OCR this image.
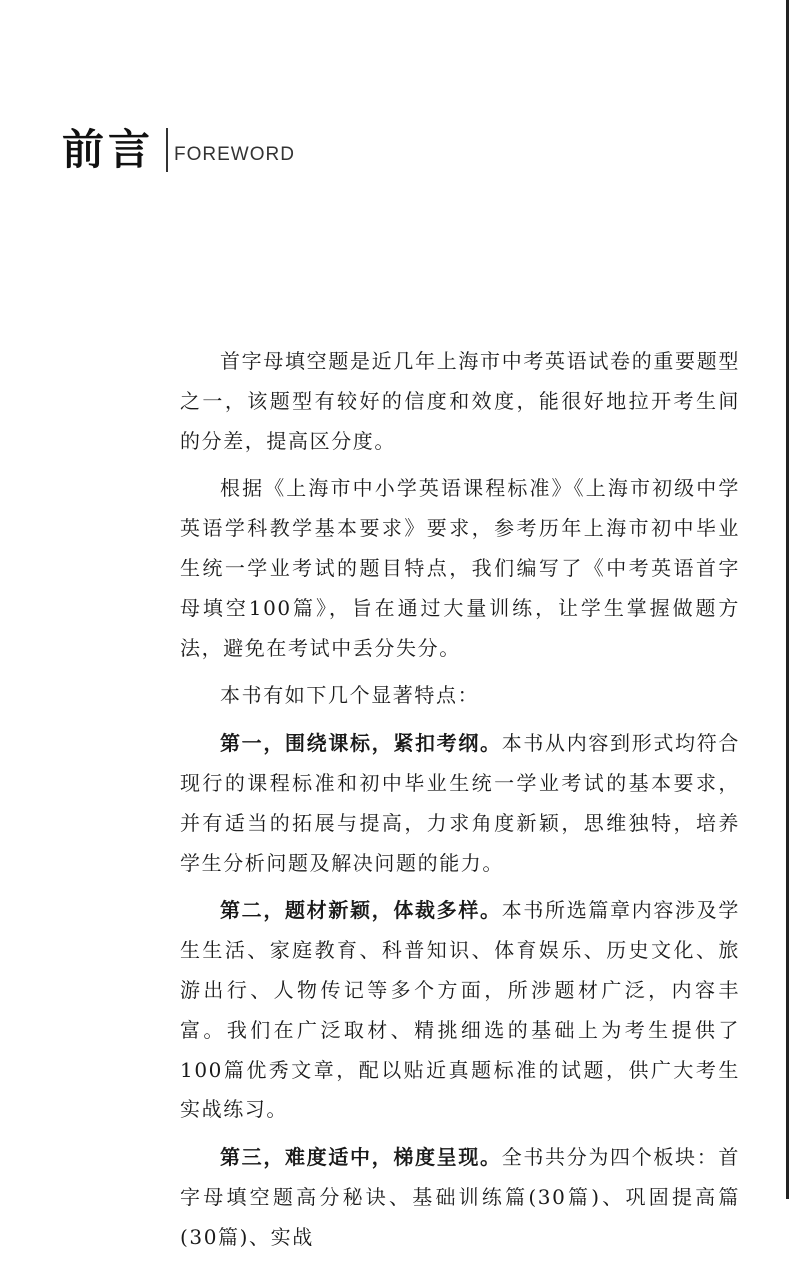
前言 FOREWORD

首字母填空题是近几年上海市中考英语试卷的重要题型之一，该题型有较好的信度和效度，能很好地拉开考生间的分差，提高区分度。

根据《上海市中小学英语课程标准》《上海市初级中学英语学科教学基本要求》要求，参考历年上海市初中毕业生统一学业考试的题目特点，我们编写了《中考英语首字母填空100篇》，旨在通过大量训练，让学生掌握做题方法，避免在考试中丢分失分。

本书有如下几个显著特点：

第一，围绕课标，紧扣考纲。本书从内容到形式均符合现行的课程标准和初中毕业生统一学业考试的基本要求，并有适当的拓展与提高，力求角度新颖，思维独特，培养学生分析问题及解决问题的能力。

第二，题材新颖，体裁多样。本书所选篇章内容涉及学生生活、家庭教育、科普知识、体育娱乐、历史文化、旅游出行、人物传记等多个方面，所涉题材广泛，内容丰富。我们在广泛取材、精挑细选的基础上为考生提供了100篇优秀文章，配以贴近真题标准的试题，供广大考生实战练习。

第三，难度适中，梯度呈现。全书共分为四个板块：首字母填空题高分秘诀、基础训练篇(30篇)、巩固提高篇(30篇)、实战
